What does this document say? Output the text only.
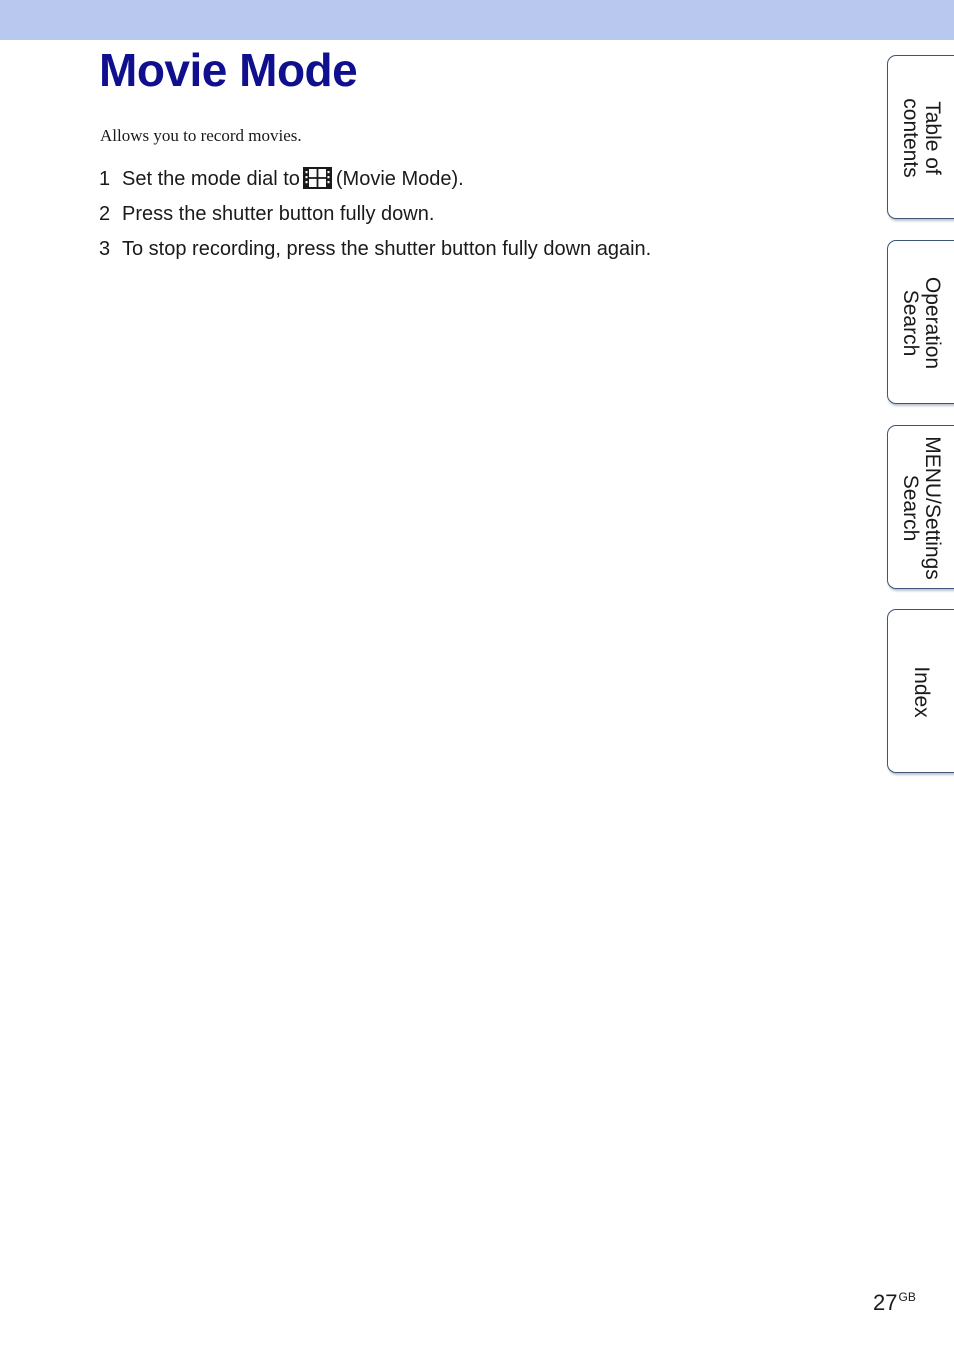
Movie Mode

Allows you to record movies.

1 Set the mode dial to (Movie Mode).
2 Press the shutter button fully down.
3 To stop recording, press the shutter button fully down again.
Table of
contents
Operation
Search
MENU/Settings
Search
Index
$27^{GB}$
